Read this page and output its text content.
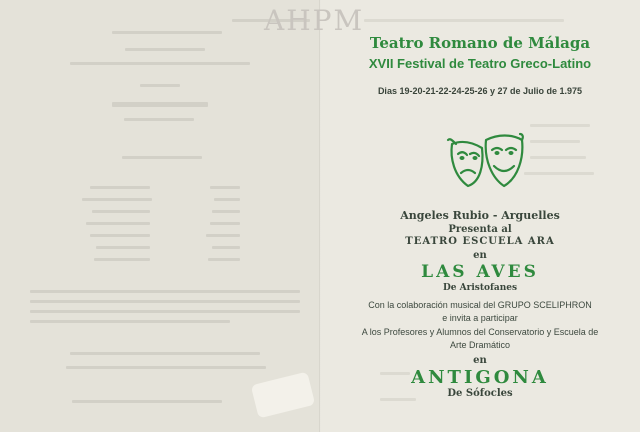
AHPM
Teatro Romano de Málaga
XVII Festival de Teatro Greco-Latino
Dias 19-20-21-22-24-25-26 y 27 de Julio de 1.975
Angeles Rubio - Arguelles
Presenta al
TEATRO ESCUELA ARA
en
LAS AVES
De Aristofanes
Con la colaboración musical del GRUPO SCELIPHRON
e invita a participar
A los Profesores y Alumnos del Conservatorio y Escuela de
Arte Dramático
en
ANTIGONA
De Sófocles
